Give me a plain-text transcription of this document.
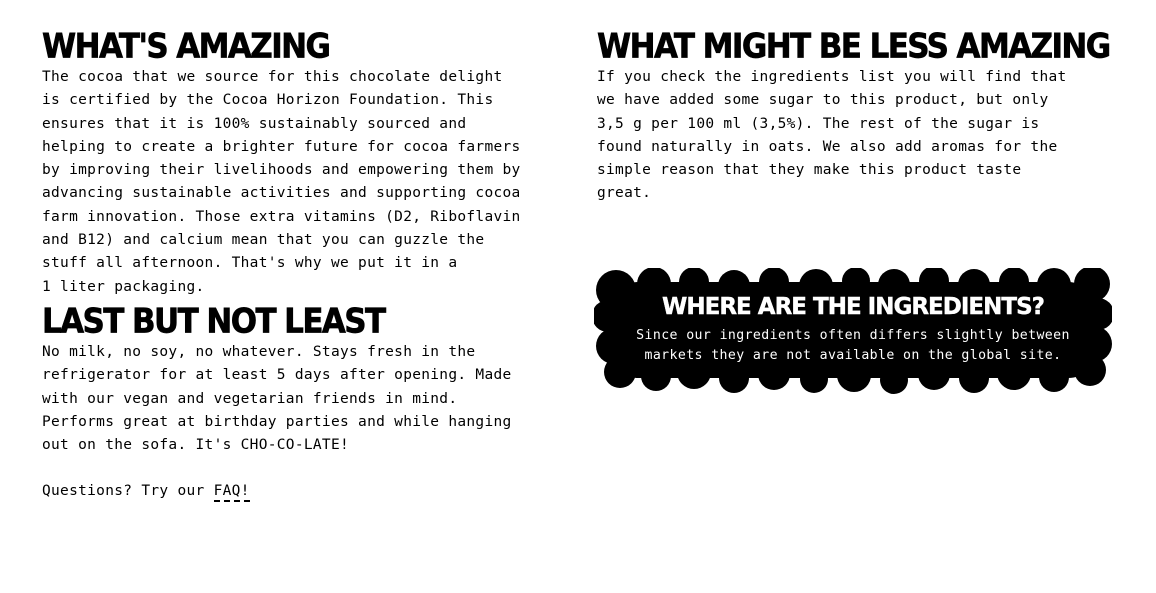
WHAT'S AMAZING

The cocoa that we source for this chocolate delight
is certified by the Cocoa Horizon Foundation. This
ensures that it is 100% sustainably sourced and
helping to create a brighter future for cocoa farmers
by improving their livelihoods and empowering them by
advancing sustainable activities and supporting cocoa
farm innovation. Those extra vitamins (D2, Riboflavin
and B12) and calcium mean that you can guzzle the
stuff all afternoon. That's why we put it in a
1 liter packaging.

LAST BUT NOT LEAST

No milk, no soy, no whatever. Stays fresh in the
refrigerator for at least 5 days after opening. Made
with our vegan and vegetarian friends in mind.
Performs great at birthday parties and while hanging
out on the sofa. It's CHO-CO-LATE!

Questions? Try our FAQ!
WHAT MIGHT BE LESS AMAZING

If you check the ingredients list you will find that
we have added some sugar to this product, but only
3,5 g per 100 ml (3,5%). The rest of the sugar is
found naturally in oats. We also add aromas for the
simple reason that they make this product taste
great.

WHERE ARE THE INGREDIENTS?
Since our ingredients often differs slightly between
markets they are not available on the global site.
